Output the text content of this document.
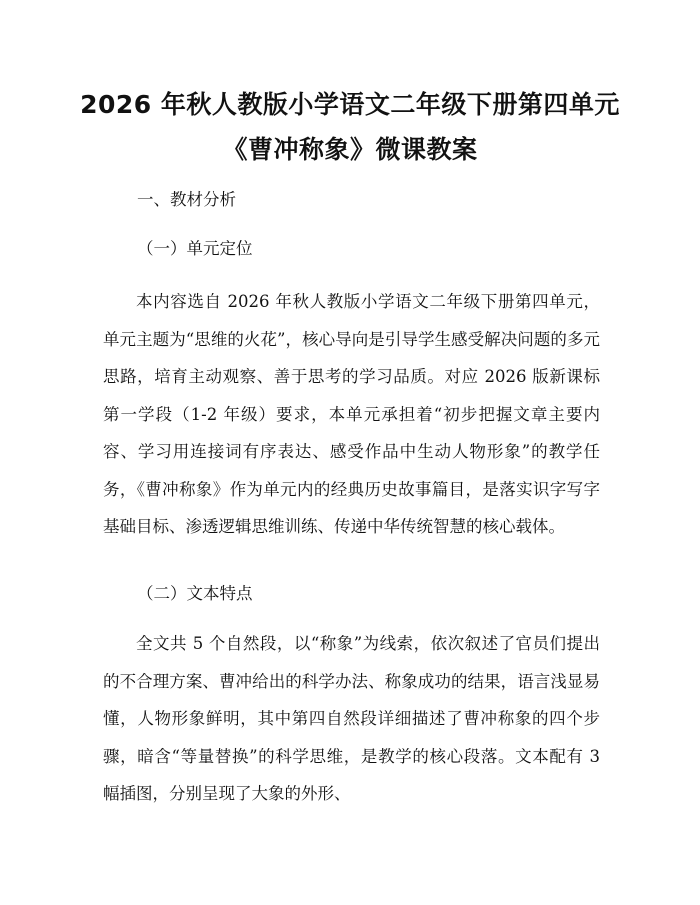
2026 年秋人教版小学语文二年级下册第四单元《曹冲称象》微课教案

一、教材分析

（一）单元定位

本内容选自 2026 年秋人教版小学语文二年级下册第四单元，单元主题为“思维的火花”，核心导向是引导学生感受解决问题的多元思路，培育主动观察、善于思考的学习品质。对应 2026 版新课标第一学段（1-2 年级）要求，本单元承担着“初步把握文章主要内容、学习用连接词有序表达、感受作品中生动人物形象”的教学任务，《曹冲称象》作为单元内的经典历史故事篇目，是落实识字写字基础目标、渗透逻辑思维训练、传递中华传统智慧的核心载体。

（二）文本特点

全文共 5 个自然段，以“称象”为线索，依次叙述了官员们提出的不合理方案、曹冲给出的科学办法、称象成功的结果，语言浅显易懂，人物形象鲜明，其中第四自然段详细描述了曹冲称象的四个步骤，暗含“等量替换”的科学思维，是教学的核心段落。文本配有 3 幅插图，分别呈现了大象的外形、
